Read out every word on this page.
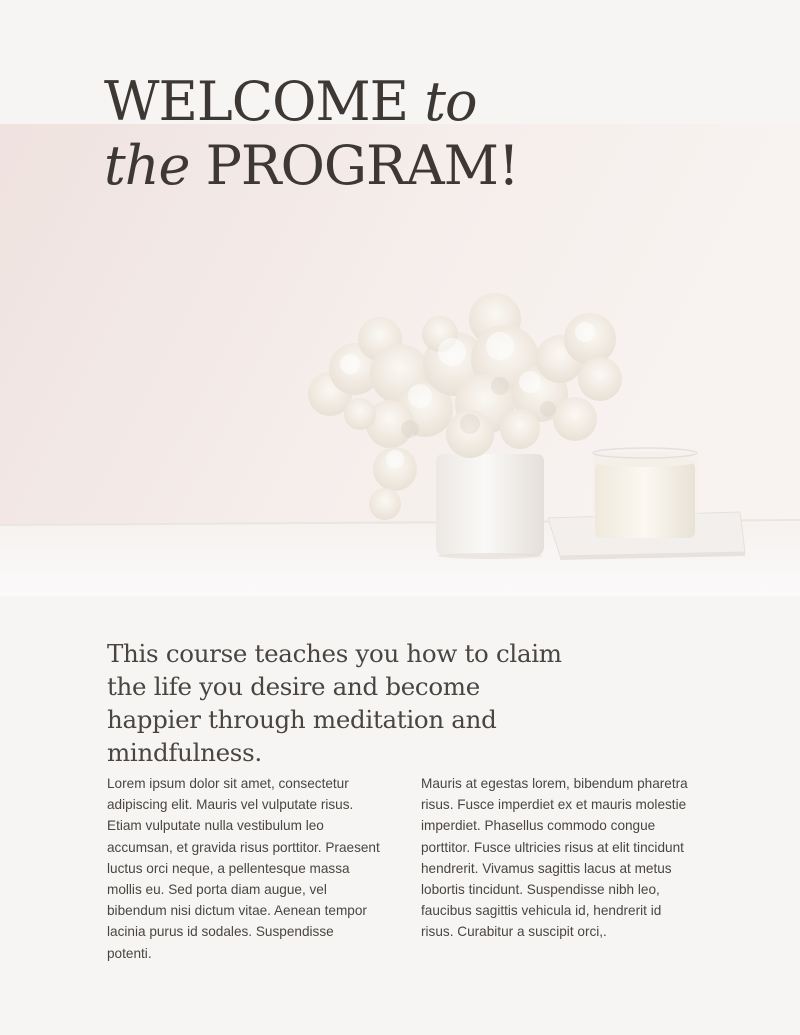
WELCOME to
the PROGRAM!

This course teaches you how to claim the life you desire and become happier through meditation and mindfulness.

Lorem ipsum dolor sit amet, consectetur adipiscing elit. Mauris vel vulputate risus. Etiam vulputate nulla vestibulum leo accumsan, et gravida risus porttitor. Praesent luctus orci neque, a pellentesque massa mollis eu. Sed porta diam augue, vel bibendum nisi dictum vitae. Aenean tempor lacinia purus id sodales. Suspendisse potenti.

Mauris at egestas lorem, bibendum pharetra risus. Fusce imperdiet ex et mauris molestie imperdiet. Phasellus commodo congue porttitor. Fusce ultricies risus at elit tincidunt hendrerit. Vivamus sagittis lacus at metus lobortis tincidunt. Suspendisse nibh leo, faucibus sagittis vehicula id, hendrerit id risus. Curabitur a suscipit orci,.
